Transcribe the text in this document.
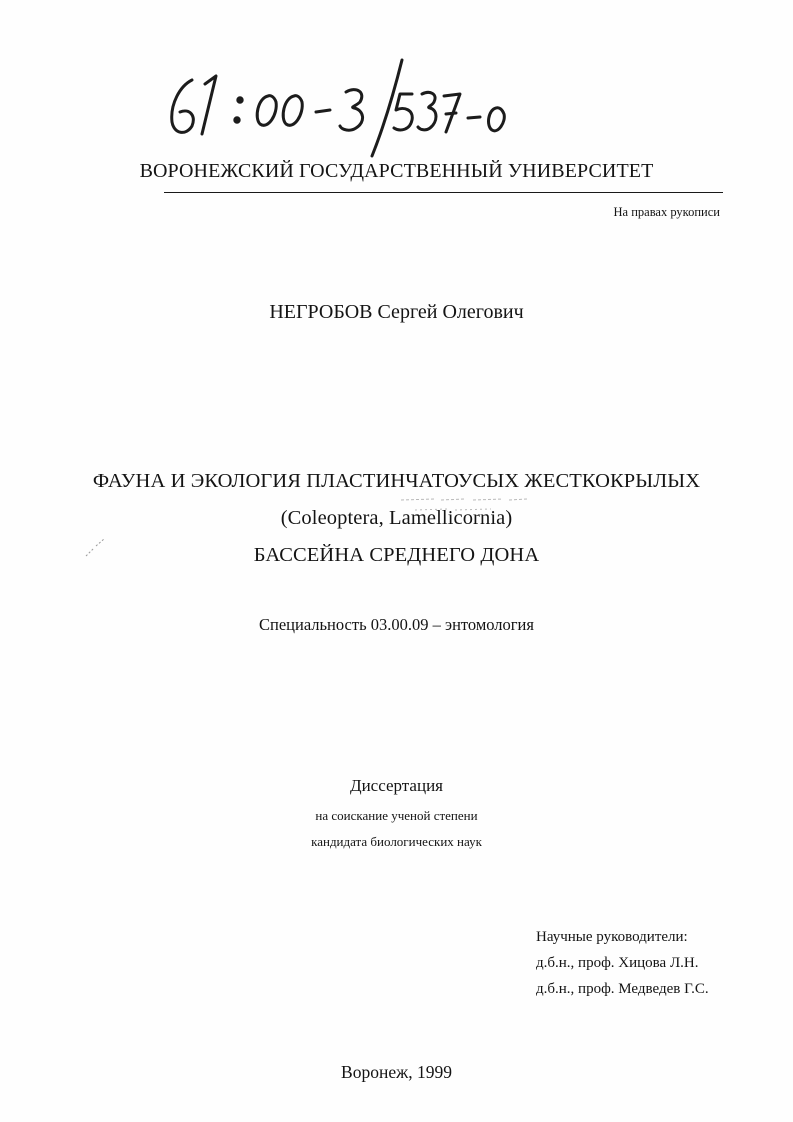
ВОРОНЕЖСКИЙ ГОСУДАРСТВЕННЫЙ УНИВЕРСИТЕТ
На правах рукописи
НЕГРОБОВ Сергей Олегович
ФАУНА И ЭКОЛОГИЯ ПЛАСТИНЧАТОУСЫХ ЖЕСТКОКРЫЛЫХ
(Coleoptera, Lamellicornia)
БАССЕЙНА СРЕДНЕГО ДОНА
Специальность 03.00.09 – энтомология
Диссертация
на соискание ученой степени
кандидата биологических наук
Научные руководители:
д.б.н., проф. Хицова Л.Н.
д.б.н., проф. Медведев Г.С.
Воронеж, 1999
